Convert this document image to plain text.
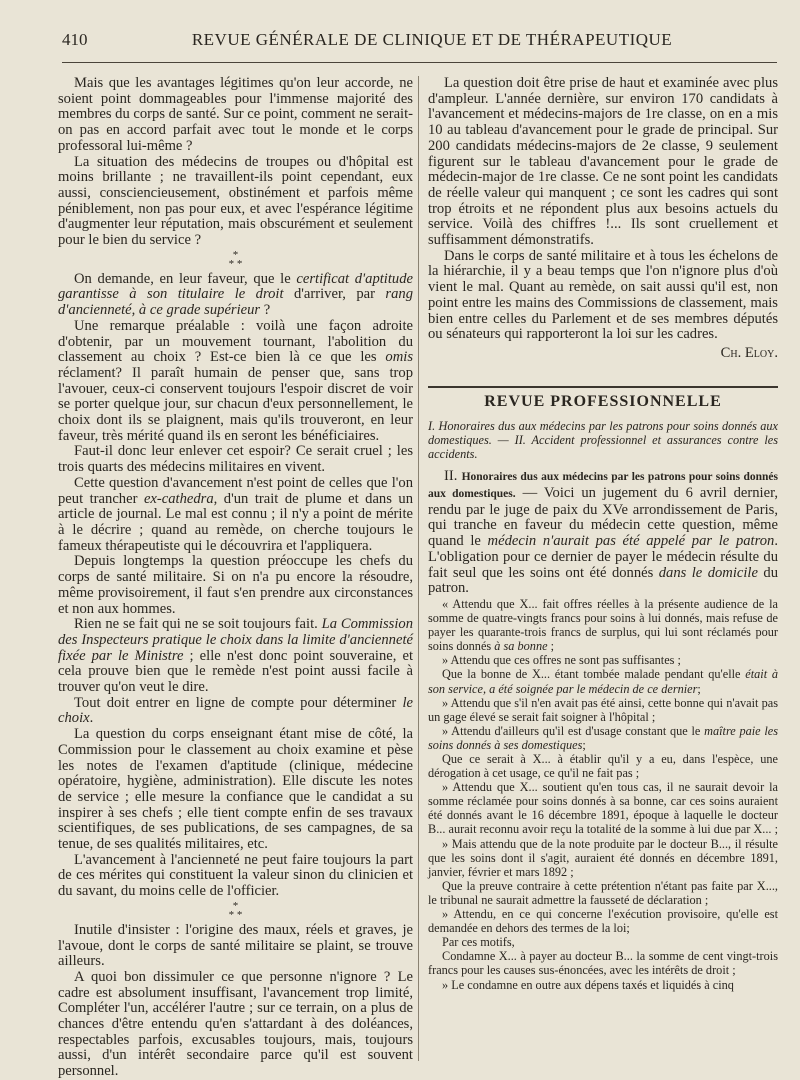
410	REVUE GÉNÉRALE DE CLINIQUE ET DE THÉRAPEUTIQUE

Mais que les avantages légitimes qu'on leur accorde, ne soient point dommageables pour l'immense majorité des membres du corps de santé. Sur ce point, comment ne serait-on pas en accord parfait avec tout le monde et le corps professoral lui-même ?

La situation des médecins de troupes ou d'hôpital est moins brillante ; ne travaillent-ils point cependant, eux aussi, consciencieusement, obstinément et parfois même péniblement, non pas pour eux, et avec l'espérance légitime d'augmenter leur réputation, mais obscurément et seulement pour le bien du service ?

*
* *

On demande, en leur faveur, que le certificat d'aptitude garantisse à son titulaire le droit d'arriver, par rang d'ancienneté, à ce grade supérieur ?

Une remarque préalable : voilà une façon adroite d'obtenir, par un mouvement tournant, l'abolition du classement au choix ? Est-ce bien là ce que les omis réclament? Il paraît humain de penser que, sans trop l'avouer, ceux-ci conservent toujours l'espoir discret de voir se porter quelque jour, sur chacun d'eux personnellement, le choix dont ils se plaignent, mais qu'ils trouveront, en leur faveur, très mérité quand ils en seront les bénéficiaires.

Faut-il donc leur enlever cet espoir? Ce serait cruel ; les trois quarts des médecins militaires en vivent.

Cette question d'avancement n'est point de celles que l'on peut trancher ex-cathedra, d'un trait de plume et dans un article de journal. Le mal est connu ; il n'y a point de mérite à le décrire ; quand au remède, on cherche toujours le fameux thérapeutiste qui le découvrira et l'appliquera.

Depuis longtemps la question préoccupe les chefs du corps de santé militaire. Si on n'a pu encore la résoudre, même provisoirement, il faut s'en prendre aux circonstances et non aux hommes.

Rien ne se fait qui ne se soit toujours fait. La Commission des Inspecteurs pratique le choix dans la limite d'ancienneté fixée par le Ministre ; elle n'est donc point souveraine, et cela prouve bien que le remède n'est point aussi facile à trouver qu'on veut le dire.

Tout doit entrer en ligne de compte pour déterminer le choix.

La question du corps enseignant étant mise de côté, la Commission pour le classement au choix examine et pèse les notes de l'examen d'aptitude (clinique, médecine opératoire, hygiène, administration). Elle discute les notes de service ; elle mesure la confiance que le candidat a su inspirer à ses chefs ; elle tient compte enfin de ses travaux scientifiques, de ses publications, de ses campagnes, de sa tenue, de ses qualités militaires, etc.

L'avancement à l'ancienneté ne peut faire toujours la part de ces mérites qui constituent la valeur sinon du clinicien et du savant, du moins celle de l'officier.

*
* *

Inutile d'insister : l'origine des maux, réels et graves, je l'avoue, dont le corps de santé militaire se plaint, se trouve ailleurs.

A quoi bon dissimuler ce que personne n'ignore ? Le cadre est absolument insuffisant, l'avancement trop limité, Compléter l'un, accélérer l'autre ; sur ce terrain, on a plus de chances d'être entendu qu'en s'attardant à des doléances, respectables parfois, excusables toujours, mais, toujours aussi, d'un intérêt secondaire parce qu'il est souvent personnel.

La question doit être prise de haut et examinée avec plus d'ampleur. L'année dernière, sur environ 170 candidats à l'avancement et médecins-majors de 1re classe, on en a mis 10 au tableau d'avancement pour le grade de principal. Sur 200 candidats médecins-majors de 2e classe, 9 seulement figurent sur le tableau d'avancement pour le grade de médecin-major de 1re classe. Ce ne sont point les candidats de réelle valeur qui manquent ; ce sont les cadres qui sont trop étroits et ne répondent plus aux besoins actuels du service. Voilà des chiffres !... Ils sont cruellement et suffisamment démonstratifs.

Dans le corps de santé militaire et à tous les échelons de la hiérarchie, il y a beau temps que l'on n'ignore plus d'où vient le mal. Quant au remède, on sait aussi qu'il est, non point entre les mains des Commissions de classement, mais bien entre celles du Parlement et de ses membres députés ou sénateurs qui rapporteront la loi sur les cadres.

Ch. Eloy.
REVUE PROFESSIONNELLE
I. Honoraires dus aux médecins par les patrons pour soins donnés aux domestiques. — II. Accident professionnel et assurances contre les accidents.

II. Honoraires dus aux médecins par les patrons pour soins donnés aux domestiques. — Voici un jugement du 6 avril dernier, rendu par le juge de paix du XVe arrondissement de Paris, qui tranche en faveur du médecin cette question, même quand le médecin n'aurait pas été appelé par le patron. L'obligation pour ce dernier de payer le médecin résulte du fait seul que les soins ont été donnés dans le domicile du patron.

« Attendu que X... fait offres réelles à la présente audience de la somme de quatre-vingts francs pour soins à lui donnés, mais refuse de payer les quarante-trois francs de surplus, qui lui sont réclamés pour soins donnés à sa bonne ;

» Attendu que ces offres ne sont pas suffisantes ;

Que la bonne de X... étant tombée malade pendant qu'elle était à son service, a été soignée par le médecin de ce dernier;

» Attendu que s'il n'en avait pas été ainsi, cette bonne qui n'avait pas un gage élevé se serait fait soigner à l'hôpital ;

» Attendu d'ailleurs qu'il est d'usage constant que le maître paie les soins donnés à ses domestiques;

Que ce serait à X... à établir qu'il y a eu, dans l'espèce, une dérogation à cet usage, ce qu'il ne fait pas ;

» Attendu que X... soutient qu'en tous cas, il ne saurait devoir la somme réclamée pour soins donnés à sa bonne, car ces soins auraient été donnés avant le 16 décembre 1891, époque à laquelle le docteur B... aurait reconnu avoir reçu la totalité de la somme à lui due par X... ;

» Mais attendu que de la note produite par le docteur B..., il résulte que les soins dont il s'agit, auraient été donnés en décembre 1891, janvier, février et mars 1892 ;

Que la preuve contraire à cette prétention n'étant pas faite par X..., le tribunal ne saurait admettre la fausseté de déclaration ;

» Attendu, en ce qui concerne l'exécution provisoire, qu'elle est demandée en dehors des termes de la loi;

Par ces motifs,

Condamne X... à payer au docteur B... la somme de cent vingt-trois francs pour les causes sus-énoncées, avec les intérêts de droit ;

» Le condamne en outre aux dépens taxés et liquidés à cinq
